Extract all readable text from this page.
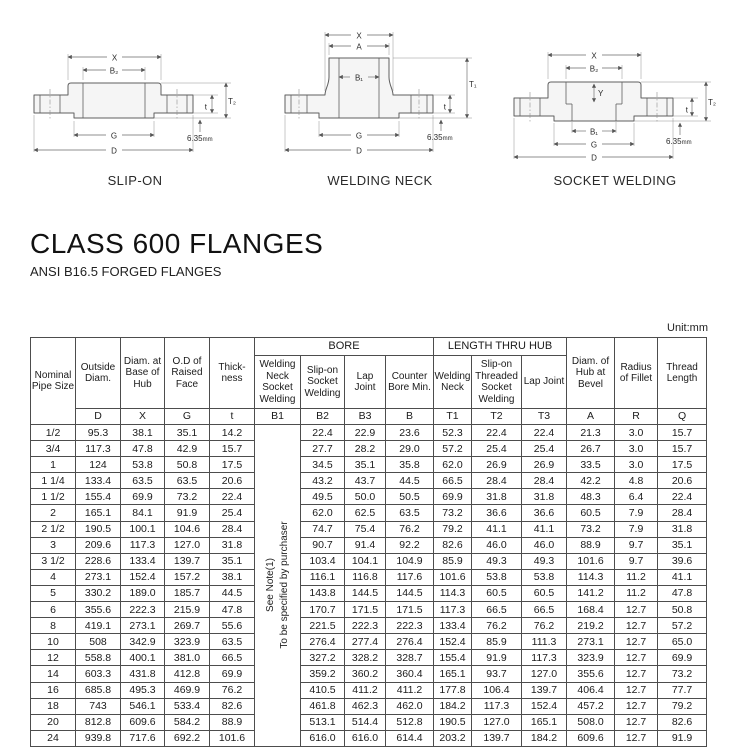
X
B₂
t
T₂
6.35mm
G
D
SLIP-ON
X
A
B₁
t
T₁
6.35mm
G
D
WELDING NECK
X
B₂
Y
t
T₂
6.35mm
B₁
G
D
SOCKET WELDING
CLASS 600 FLANGES
ANSI B16.5 FORGED FLANGES
Unit:mm
Nominal Pipe Size	Outside Diam.	Diam. at Base of Hub	O.D of Raised Face	Thick-ness	BORE				LENGTH THRU HUB			Diam. of Hub at Bevel	Radius of Fillet	Thread Length
					Welding Neck Socket Welding	Slip-on Socket Welding	Lap Joint	Counter Bore Min.	Welding Neck	Slip-on Threaded Socket Welding	Lap Joint			
	D	X	G	t	B1	B2	B3	B	T1	T2	T3	A	R	Q
1/2	95.3	38.1	35.1	14.2	See Note(1) To be specified by purchaser	22.4	22.9	23.6	52.3	22.4	22.4	21.3	3.0	15.7
3/4	117.3	47.8	42.9	15.7		27.7	28.2	29.0	57.2	25.4	25.4	26.7	3.0	15.7
1	124	53.8	50.8	17.5		34.5	35.1	35.8	62.0	26.9	26.9	33.5	3.0	17.5
1 1/4	133.4	63.5	63.5	20.6		43.2	43.7	44.5	66.5	28.4	28.4	42.2	4.8	20.6
1 1/2	155.4	69.9	73.2	22.4		49.5	50.0	50.5	69.9	31.8	31.8	48.3	6.4	22.4
2	165.1	84.1	91.9	25.4		62.0	62.5	63.5	73.2	36.6	36.6	60.5	7.9	28.4
2 1/2	190.5	100.1	104.6	28.4		74.7	75.4	76.2	79.2	41.1	41.1	73.2	7.9	31.8
3	209.6	117.3	127.0	31.8		90.7	91.4	92.2	82.6	46.0	46.0	88.9	9.7	35.1
3 1/2	228.6	133.4	139.7	35.1		103.4	104.1	104.9	85.9	49.3	49.3	101.6	9.7	39.6
4	273.1	152.4	157.2	38.1		116.1	116.8	117.6	101.6	53.8	53.8	114.3	11.2	41.1
5	330.2	189.0	185.7	44.5		143.8	144.5	144.5	114.3	60.5	60.5	141.2	11.2	47.8
6	355.6	222.3	215.9	47.8		170.7	171.5	171.5	117.3	66.5	66.5	168.4	12.7	50.8
8	419.1	273.1	269.7	55.6		221.5	222.3	222.3	133.4	76.2	76.2	219.2	12.7	57.2
10	508	342.9	323.9	63.5		276.4	277.4	276.4	152.4	85.9	111.3	273.1	12.7	65.0
12	558.8	400.1	381.0	66.5		327.2	328.2	328.7	155.4	91.9	117.3	323.9	12.7	69.9
14	603.3	431.8	412.8	69.9		359.2	360.2	360.4	165.1	93.7	127.0	355.6	12.7	73.2
16	685.8	495.3	469.9	76.2		410.5	411.2	411.2	177.8	106.4	139.7	406.4	12.7	77.7
18	743	546.1	533.4	82.6		461.8	462.3	462.0	184.2	117.3	152.4	457.2	12.7	79.2
20	812.8	609.6	584.2	88.9		513.1	514.4	512.8	190.5	127.0	165.1	508.0	12.7	82.6
24	939.8	717.6	692.2	101.6		616.0	616.0	614.4	203.2	139.7	184.2	609.6	12.7	91.9
